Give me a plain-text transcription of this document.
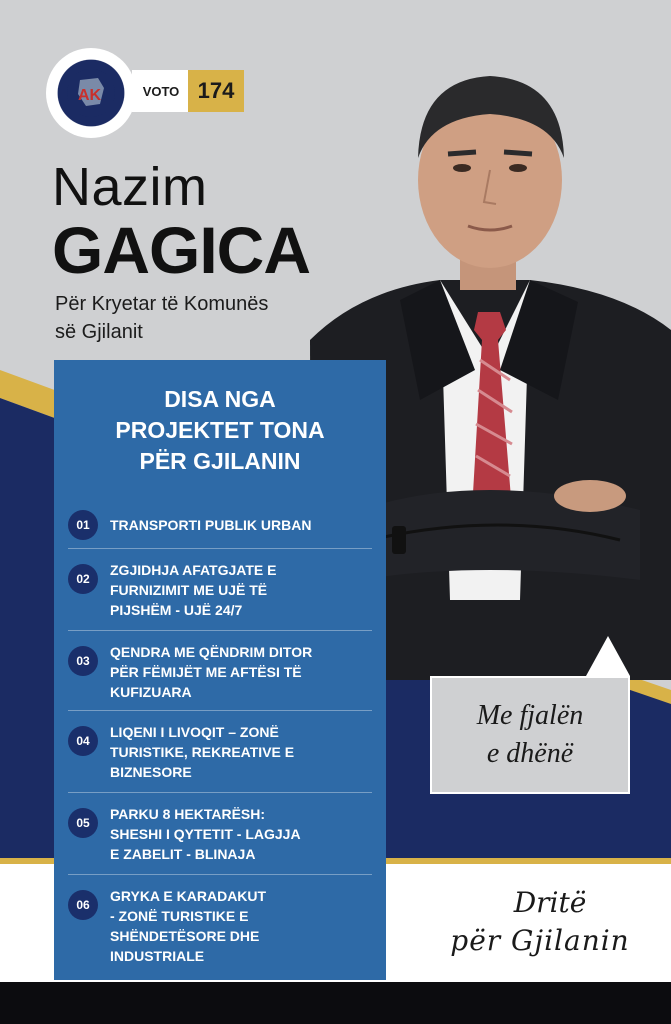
AK	VOTO 174
Nazim
GAGICA
Për Kryetar të Komunës
së Gjilanit
DISA NGA
PROJEKTET TONA
PËR GJILANIN
01	TRANSPORTI PUBLIK URBAN
02
ZGJIDHJA AFATGJATE E
FURNIZIMIT ME UJË TË
PIJSHËM - UJË 24/7
03
QENDRA ME QËNDRIM DITOR
PËR FËMIJËT ME AFTËSI TË
KUFIZUARA
04
LIQENI I LIVOQIT – ZONË
TURISTIKE, REKREATIVE E
BIZNESORE
05
PARKU 8 HEKTARËSH:
SHESHI I QYTETIT - LAGJJA
E ZABELIT - BLINAJA
06
GRYKA E KARADAKUT
- ZONË TURISTIKE E
SHËNDETËSORE DHE
INDUSTRIALE
Me fjalën
e dhënë
Dritë
për Gjilanin
